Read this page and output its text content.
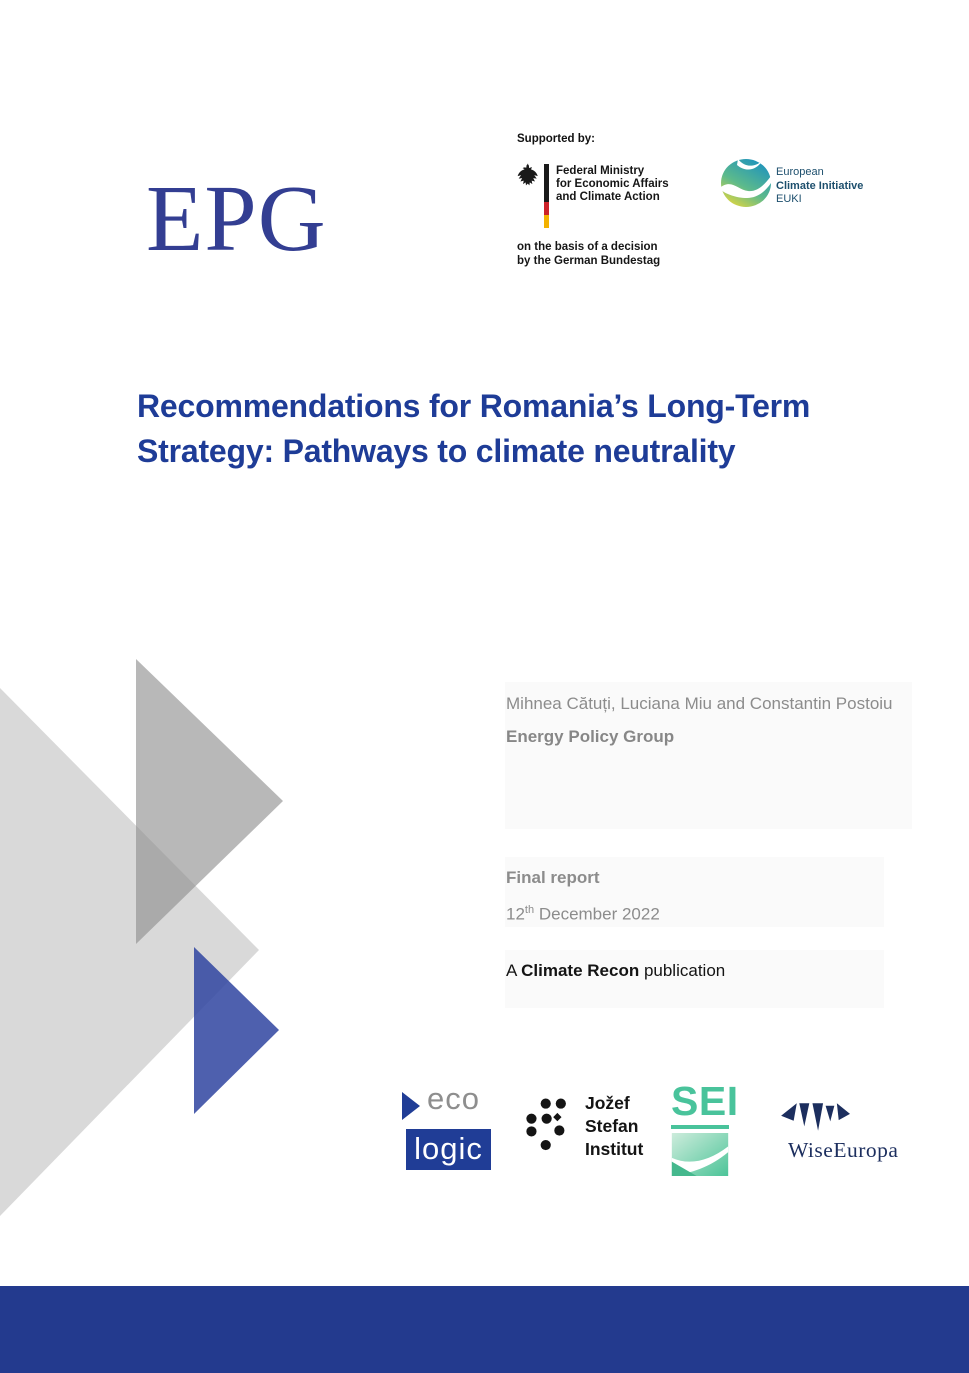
EPG
Supported by:
Federal Ministry
for Economic Affairs
and Climate Action
on the basis of a decision
by the German Bundestag
European
Climate Initiative
EUKI
Recommendations for Romania’s Long-Term
Strategy: Pathways to climate neutrality
Mihnea Cătuți, Luciana Miu and Constantin Postoiu
Energy Policy Group
Final report
12th December 2022
A Climate Recon publication
eco
logic
Jožef
Stefan
Institut
SEI
WiseEuropa
